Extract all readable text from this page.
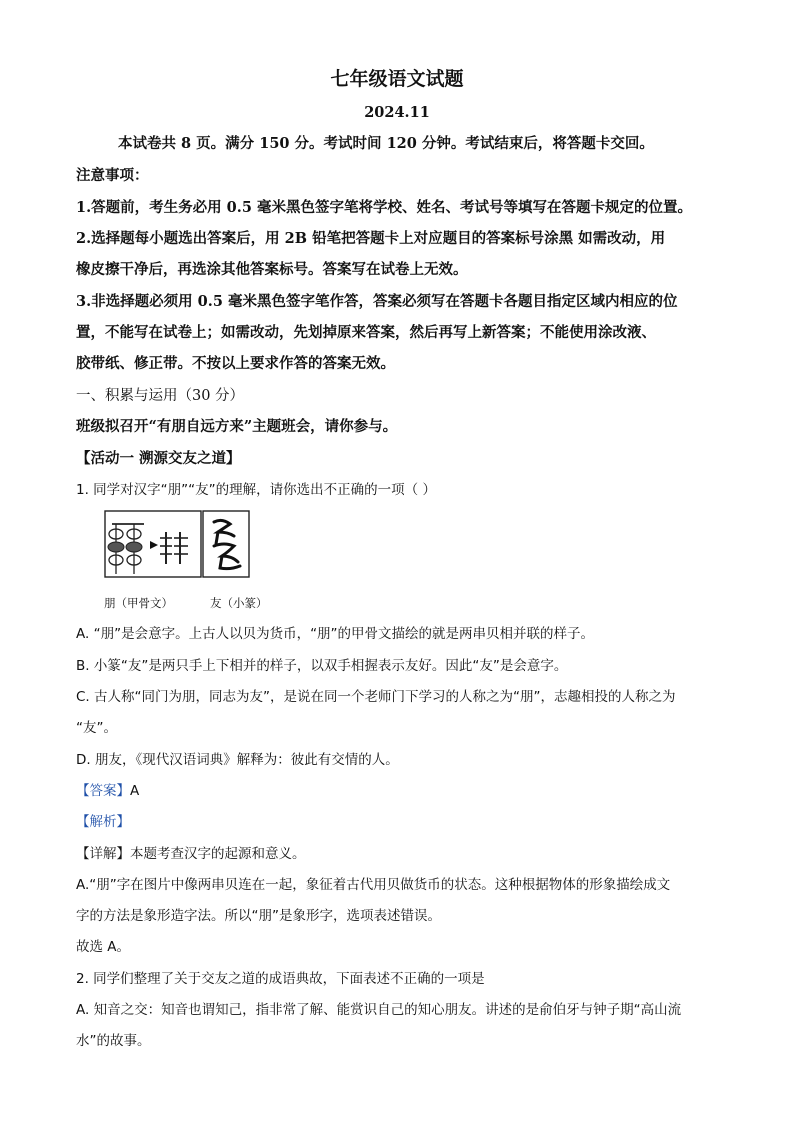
七年级语文试题
2024.11
本试卷共 8 页。满分 150 分。考试时间 120 分钟。考试结束后，将答题卡交回。
注意事项：
1.答题前，考生务必用 0.5 毫米黑色签字笔将学校、姓名、考试号等填写在答题卡规定的位置。
2.选择题每小题选出答案后，用 2B 铅笔把答题卡上对应题目的答案标号涂黑 如需改动，用
橡皮擦干净后，再选涂其他答案标号。答案写在试卷上无效。
3.非选择题必须用 0.5 毫米黑色签字笔作答，答案必须写在答题卡各题目指定区域内相应的位
置，不能写在试卷上；如需改动，先划掉原来答案，然后再写上新答案；不能使用涂改液、
胶带纸、修正带。不按以上要求作答的答案无效。
一、积累与运用（30 分）
班级拟召开“有朋自远方来”主题班会，请你参与。
【活动一 溯源交友之道】
1. 同学对汉字“朋”“友”的理解，请你选出不正确的一项（ ）
朋（甲骨文）	友（小篆）
A. “朋”是会意字。上古人以贝为货币，“朋”的甲骨文描绘的就是两串贝相并联的样子。
B. 小篆“友”是两只手上下相并的样子，以双手相握表示友好。因此“友”是会意字。
C. 古人称“同门为朋，同志为友”，是说在同一个老师门下学习的人称之为“朋”，志趣相投的人称之为
“友”。
D. 朋友，《现代汉语词典》解释为：彼此有交情的人。
【答案】A
【解析】
【详解】本题考查汉字的起源和意义。
A.“朋”字在图片中像两串贝连在一起，象征着古代用贝做货币的状态。这种根据物体的形象描绘成文
字的方法是象形造字法。所以“朋”是象形字，选项表述错误。
故选 A。
2. 同学们整理了关于交友之道的成语典故，下面表述不正确的一项是
A. 知音之交：知音也谓知己，指非常了解、能赏识自己的知心朋友。讲述的是俞伯牙与钟子期“高山流
水”的故事。
